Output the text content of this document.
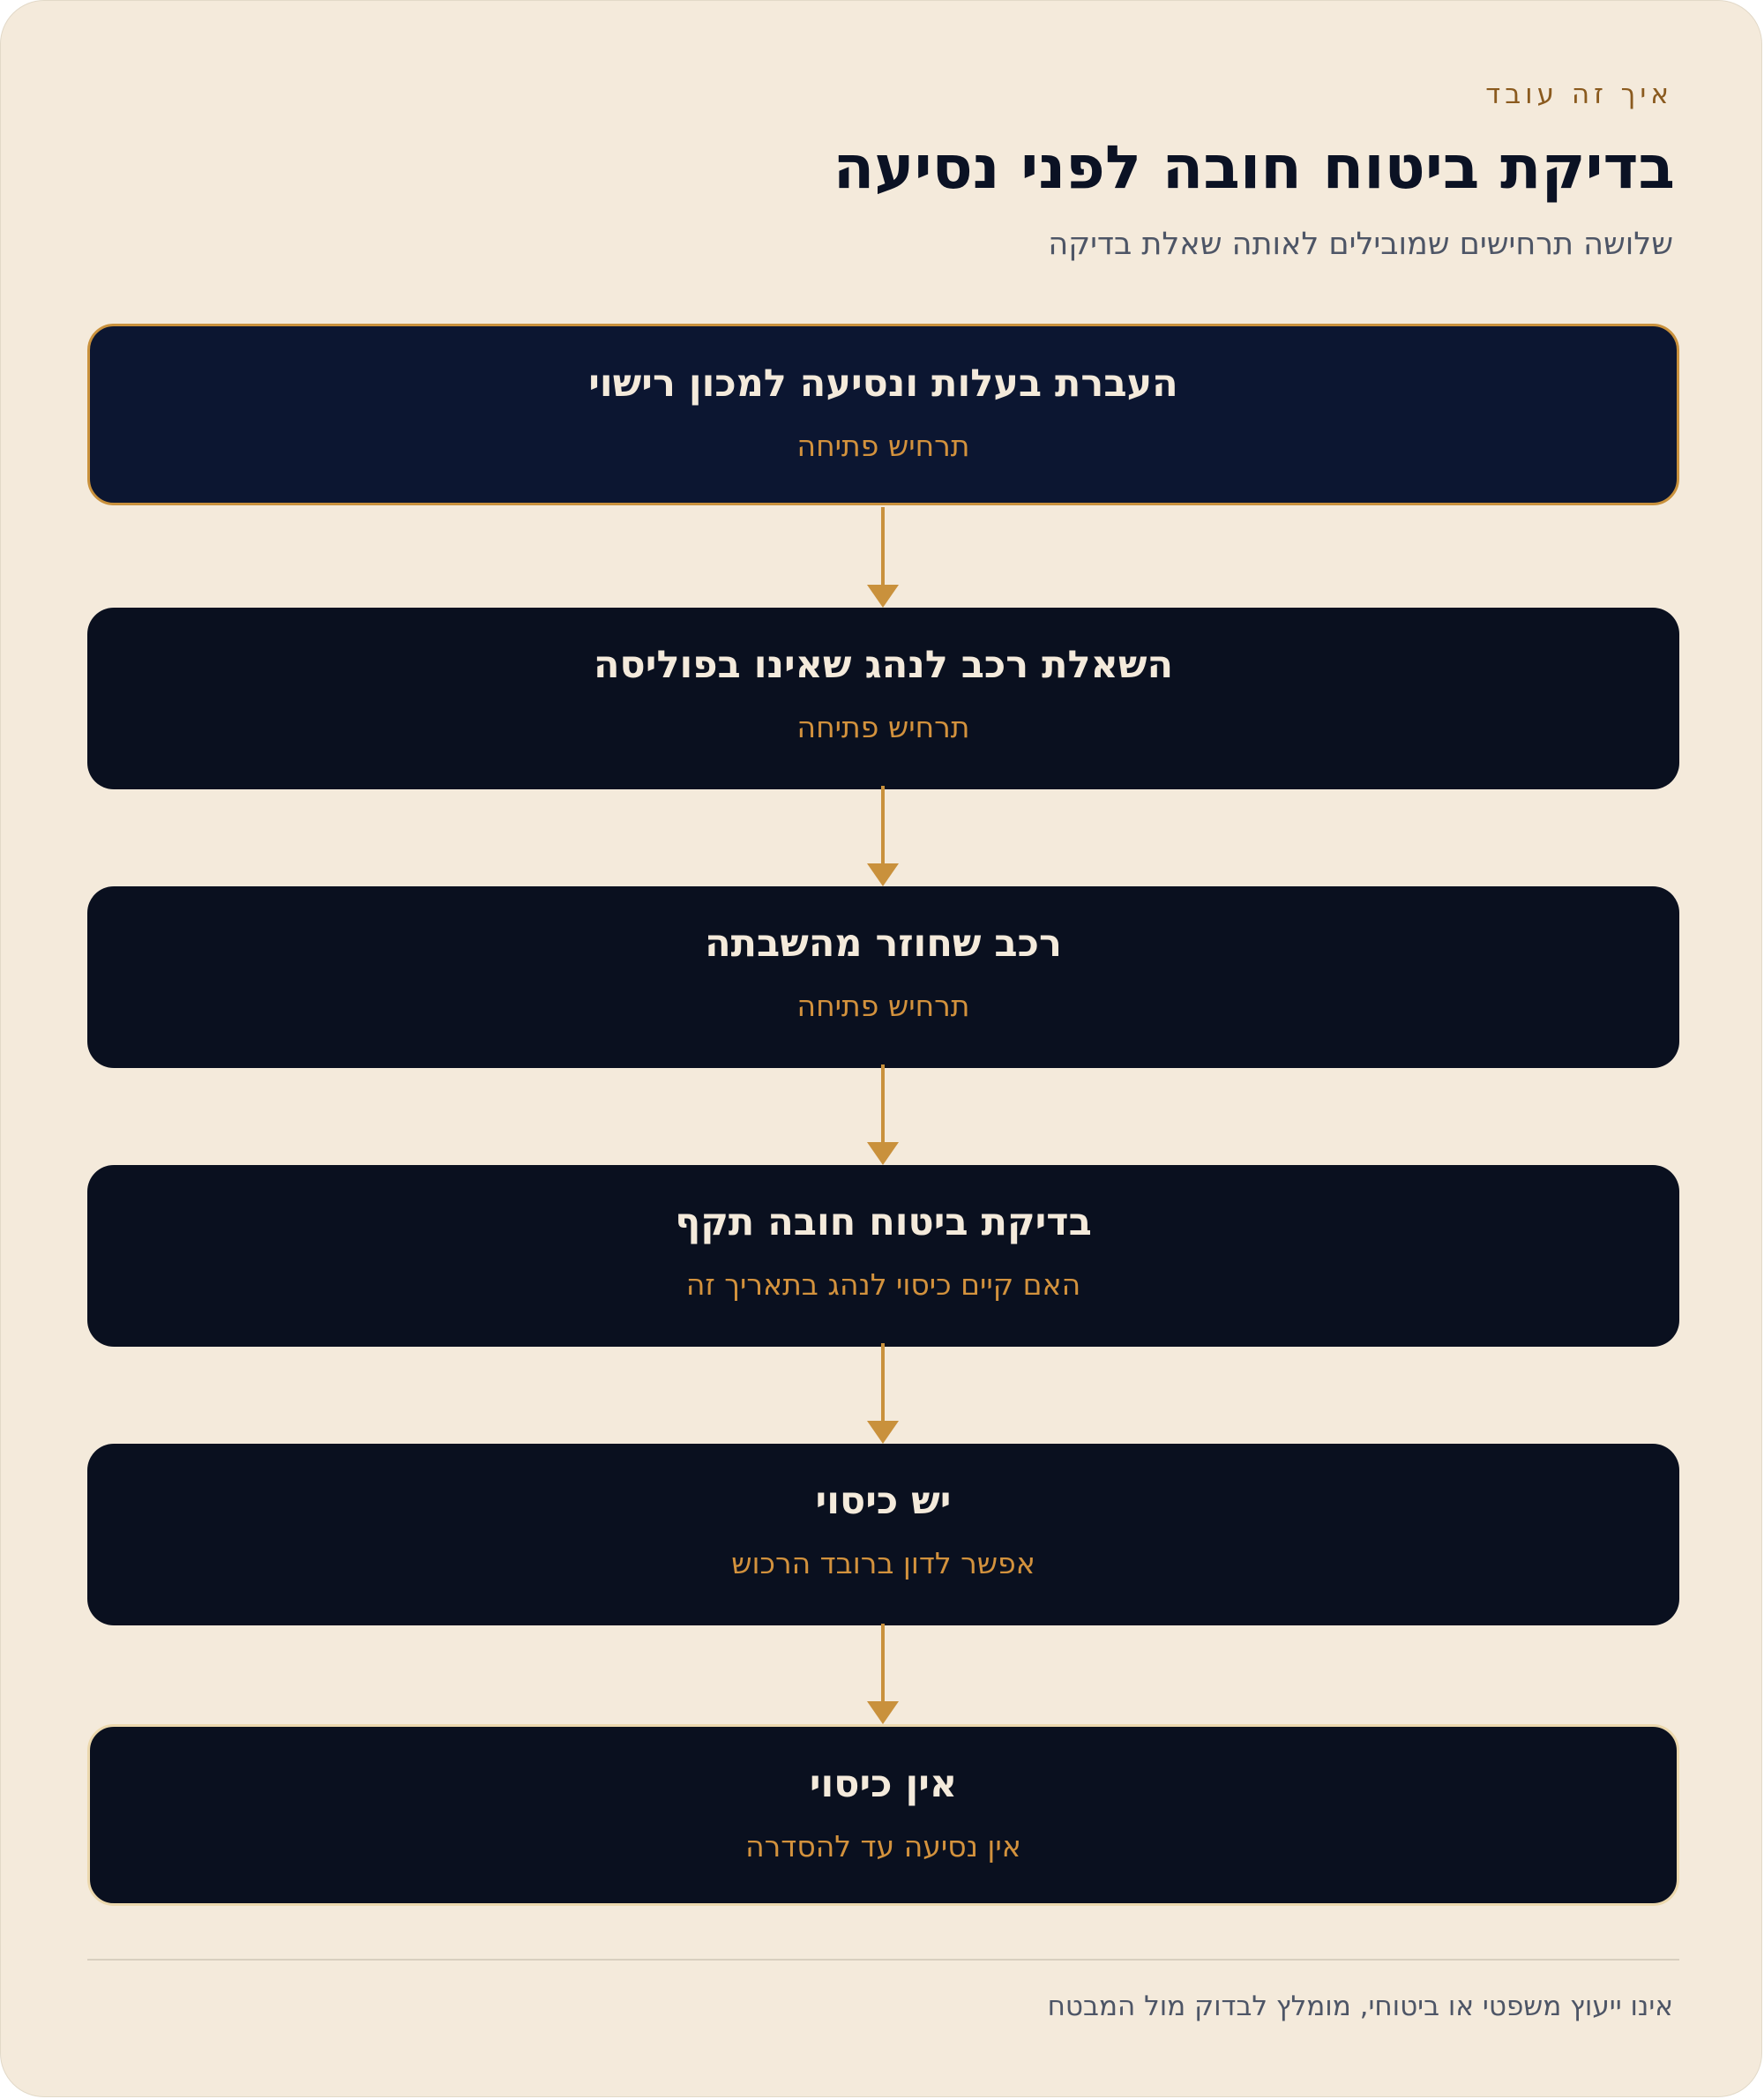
איך זה עובד
בדיקת ביטוח חובה לפני נסיעה
שלושה תרחישים שמובילים לאותה שאלת בדיקה
העברת בעלות ונסיעה למכון רישוי
תרחיש פתיחה
השאלת רכב לנהג שאינו בפוליסה
תרחיש פתיחה
רכב שחוזר מהשבתה
תרחיש פתיחה
בדיקת ביטוח חובה תקף
האם קיים כיסוי לנהג בתאריך זה
יש כיסוי
אפשר לדון ברובד הרכוש
אין כיסוי
אין נסיעה עד להסדרה
אינו ייעוץ משפטי או ביטוחי, מומלץ לבדוק מול המבטח
